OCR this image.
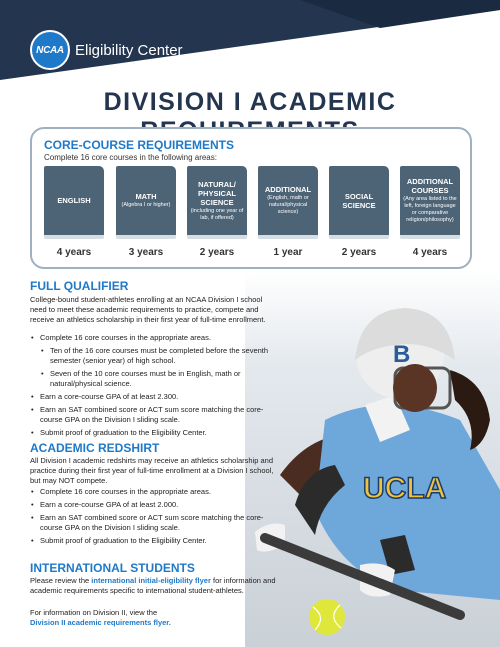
NCAA Eligibility Center
DIVISION I ACADEMIC
CORE-COURSE REQUIREMENTS
Complete 16 core courses in the following areas:
ENGLISH
4 years
MATH
(Algebra I or higher)
3 years
NATURAL/ PHYSICAL SCIENCE
(including one year of lab, if offered)
2 years
ADDITIONAL
(English, math or natural/physical science)
1 year
SOCIAL SCIENCE
2 years
ADDITIONAL COURSES
(Any area listed to the left, foreign language or comparative religion/philosophy)
4 years
UCLA
B
FULL QUALIFIER
College-bound student-athletes enrolling at an NCAA Division I school need to meet these academic requirements to practice, compete and receive an athletics scholarship in their first year of full-time enrollment.
• Complete 16 core courses in the appropriate areas.
• Ten of the 16 core courses must be completed before the seventh semester (senior year) of high school.
• Seven of the 10 core courses must be in English, math or natural/physical science.
• Earn a core-course GPA of at least 2.300.
• Earn an SAT combined score or ACT sum score matching the core-course GPA on the Division I sliding scale.
• Submit proof of graduation to the Eligibility Center.
ACADEMIC REDSHIRT
All Division I academic redshirts may receive an athletics scholarship and practice during their first year of full-time enrollment at a Division I school, but may NOT compete.
• Complete 16 core courses in the appropriate areas.
• Earn a core-course GPA of at least 2.000.
• Earn an SAT combined score or ACT sum score matching the core-course GPA on the Division I sliding scale.
• Submit proof of graduation to the Eligibility Center.
INTERNATIONAL STUDENTS
Please review the international initial-eligibility flyer for information and academic requirements specific to international student-athletes.
For information on Division II, view the
Division II academic requirements flyer.
